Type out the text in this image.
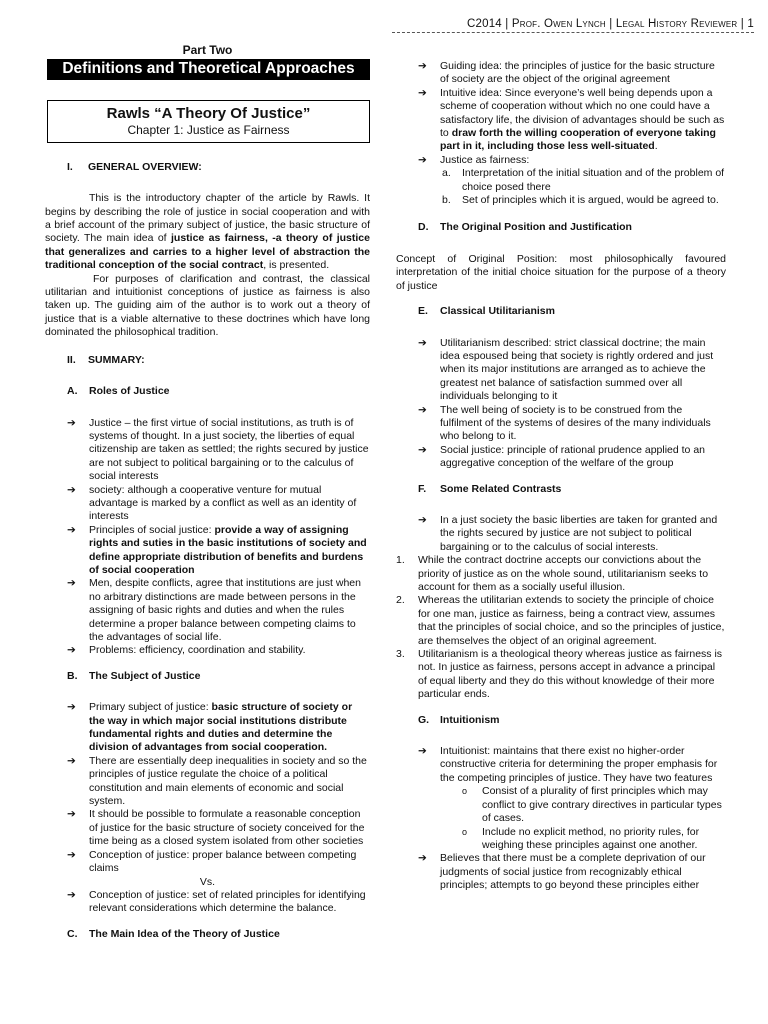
C2014 | Prof. Owen Lynch | Legal History Reviewer | 1

Part Two

Definitions and Theoretical Approaches
Rawls “A Theory Of Justice”
Chapter 1: Justice as Fairness
I.	GENERAL OVERVIEW:

This is the introductory chapter of the article by Rawls. It begins by describing the role of justice in social cooperation and with a brief account of the primary subject of justice, the basic structure of society. The main idea of justice as fairness, -a theory of justice that generalizes and carries to a higher level of abstraction the traditional conception of the social contract, is presented.

For purposes of clarification and contrast, the classical utilitarian and intuitionist conceptions of justice as fairness is also taken up. The guiding aim of the author is to work out a theory of justice that is a viable alternative to these doctrines which have long dominated the philosophical tradition.

II.	SUMMARY:
A.	Roles of Justice
➔	Justice – the first virtue of social institutions, as truth is of systems of thought. In a just society, the liberties of equal citizenship are taken as settled; the rights secured by justice are not subject to political bargaining or to the calculus of social interests
➔	society: although a cooperative venture for mutual advantage is marked by a conflict as well as an identity of interests
➔	Principles of social justice: provide a way of assigning rights and suties in the basic institutions of society and define appropriate distribution of benefits and burdens of social cooperation
➔	Men, despite conflicts, agree that institutions are just when no arbitrary distinctions are made between persons in the assigning of basic rights and duties and when the rules determine a proper balance between competing claims to the advantages of social life.
➔	Problems: efficiency, coordination and stability.
B.	The Subject of Justice
➔	Primary subject of justice: basic structure of society or the way in which major social institutions distribute fundamental rights and duties and determine the division of advantages from social cooperation.
➔	There are essentially deep inequalities in society and so the principles of justice regulate the choice of a political constitution and main elements of economic and social system.
➔	It should be possible to formulate a reasonable conception of justice for the basic structure of society conceived for the time being as a closed system isolated from other societies
➔	Conception of justice: proper balance between competing claims

Vs.

➔	Conception of justice: set of related principles for identifying relevant considerations which determine the balance.
C.	The Main Idea of the Theory of Justice
➔	Guiding idea: the principles of justice for the basic structure of society are the object of the original agreement
➔	Intuitive idea: Since everyone’s well being depends upon a scheme of cooperation without which no one could have a satisfactory life, the division of advantages should be such as to draw forth the willing cooperation of everyone taking part in it, including those less well-situated.
➔	Justice as fairness:
a.	Interpretation of the initial situation and of the problem of choice posed there
b.	Set of principles which it is argued, would be agreed to.
D.	The Original Position and Justification

Concept of Original Position: most philosophically favoured interpretation of the initial choice situation for the purpose of a theory of justice

E.	Classical Utilitarianism
➔	Utilitarianism described: strict classical doctrine; the main idea espoused being that society is rightly ordered and just when its major institutions are arranged as to achieve the greatest net balance of satisfaction summed over all individuals belonging to it
➔	The well being of society is to be construed from the fulfilment of the systems of desires of the many individuals who belong to it.
➔	Social justice: principle of rational prudence applied to an aggregative conception of the welfare of the group
F.	Some Related Contrasts
➔	In a just society the basic liberties are taken for granted and the rights secured by justice are not subject to political bargaining or to the calculus of social interests.
1.	While the contract doctrine accepts our convictions about the priority of justice as on the whole sound, utilitarianism seeks to account for them as a socially useful illusion.
2.	Whereas the utilitarian extends to society the principle of choice for one man, justice as fairness, being a contract view, assumes that the principles of social choice, and so the principles of justice, are themselves the object of an original agreement.
3.	Utilitarianism is a theological theory whereas justice as fairness is not. In justice as fairness, persons accept in advance a principal of equal liberty and they do this without knowledge of their more particular ends.
G.	Intuitionism
➔	Intuitionist: maintains that there exist no higher-order constructive criteria for determining the proper emphasis for the competing principles of justice. They have two features
o	Consist of a plurality of first principles which may conflict to give contrary directives in particular types of cases.
o	Include no explicit method, no priority rules, for weighing these principles against one another.
➔	Believes that there must be a complete deprivation of our judgments of social justice from recognizably ethical principles; attempts to go beyond these principles either
